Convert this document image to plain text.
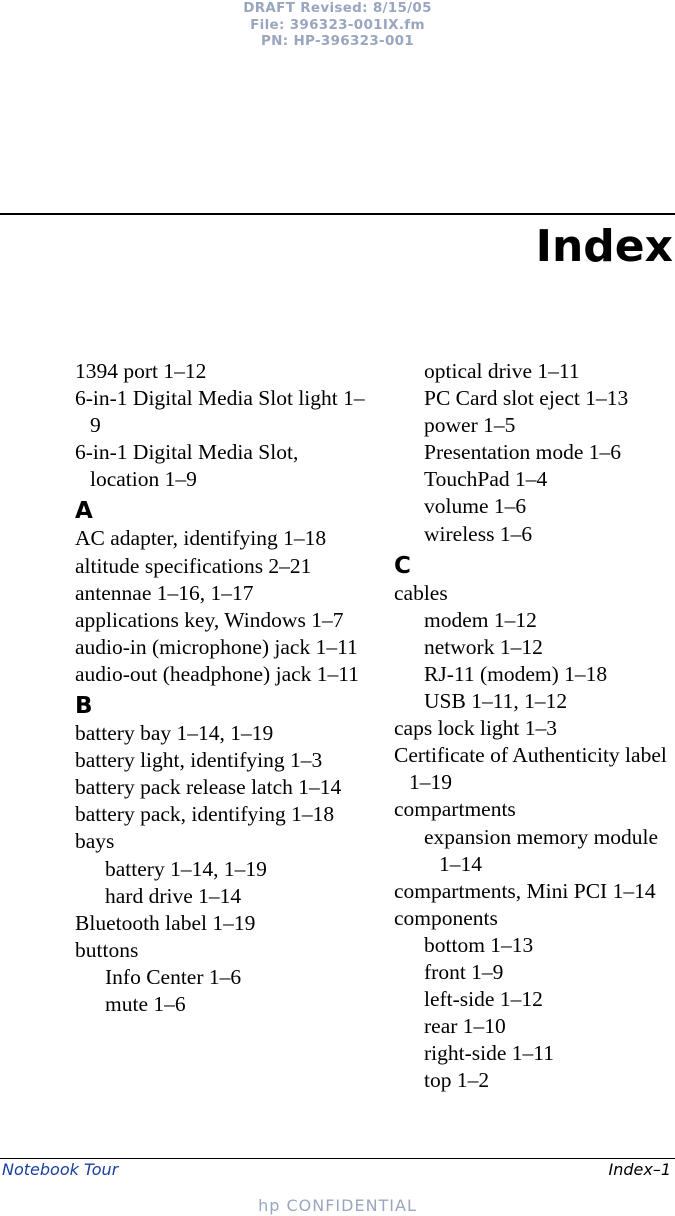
DRAFT Revised: 8/15/05
File: 396323-001IX.fm
PN: HP-396323-001
Index
1394 port 1–12
6-in-1 Digital Media Slot light 1–9
6-in-1 Digital Media Slot, location 1–9
A
AC adapter, identifying 1–18
altitude specifications 2–21
antennae 1–16, 1–17
applications key, Windows 1–7
audio-in (microphone) jack 1–11
audio-out (headphone) jack 1–11
B
battery bay 1–14, 1–19
battery light, identifying 1–3
battery pack release latch 1–14
battery pack, identifying 1–18
bays
battery 1–14, 1–19
hard drive 1–14
Bluetooth label 1–19
buttons
Info Center 1–6
mute 1–6
optical drive 1–11
PC Card slot eject 1–13
power 1–5
Presentation mode 1–6
TouchPad 1–4
volume 1–6
wireless 1–6
C
cables
modem 1–12
network 1–12
RJ-11 (modem) 1–18
USB 1–11, 1–12
caps lock light 1–3
Certificate of Authenticity label 1–19
compartments
expansion memory module 1–14
compartments, Mini PCI 1–14
components
bottom 1–13
front 1–9
left-side 1–12
rear 1–10
right-side 1–11
top 1–2
Notebook Tour	Index–1
hp CONFIDENTIAL
